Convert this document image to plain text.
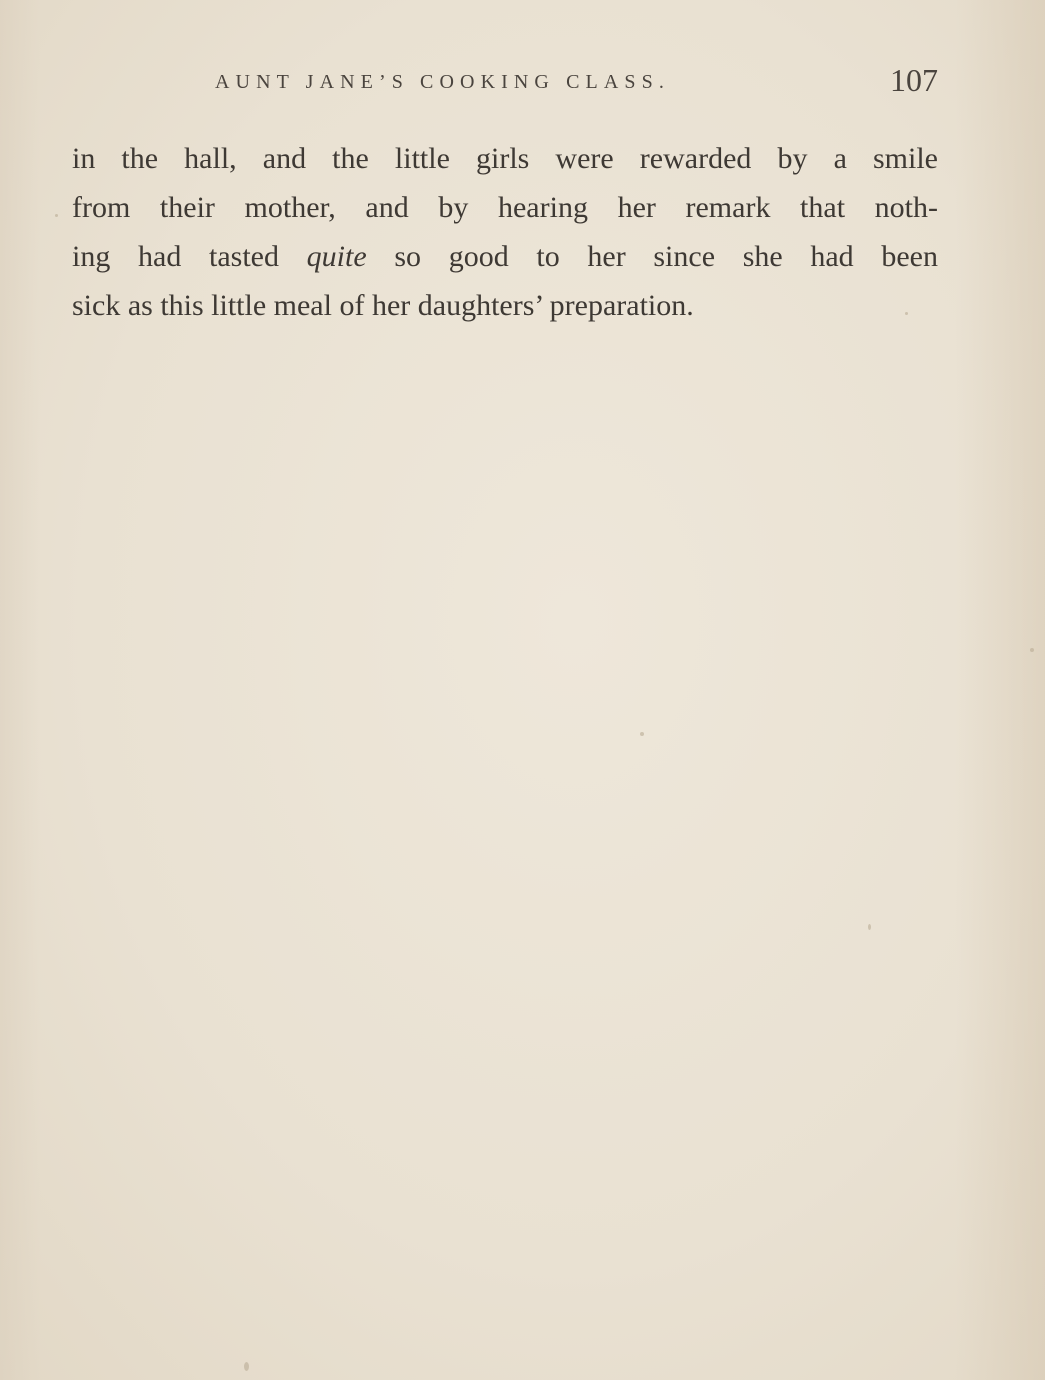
AUNT JANE’S COOKING CLASS.	107
in the hall, and the little girls were rewarded by a smile
from their mother, and by hearing her remark that noth-
ing had tasted quite so good to her since she had been
sick as this little meal of her daughters’ preparation.
